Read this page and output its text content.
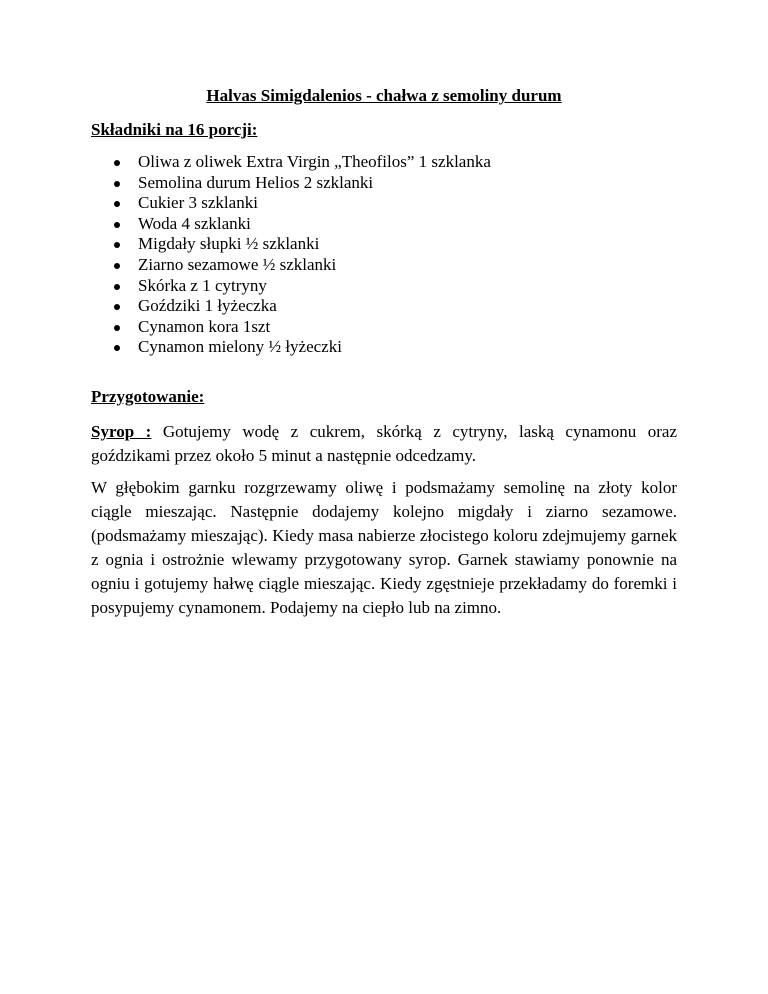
Halvas Simigdalenios - chałwa z semoliny durum
Składniki na 16 porcji:
Oliwa z oliwek Extra Virgin „Theofilos” 1 szklanka
Semolina durum Helios 2 szklanki
Cukier 3 szklanki
Woda 4 szklanki
Migdały słupki ½ szklanki
Ziarno sezamowe ½ szklanki
Skórka z 1 cytryny
Goździki 1 łyżeczka
Cynamon kora 1szt
Cynamon mielony ½ łyżeczki
Przygotowanie:

Syrop : Gotujemy wodę z cukrem, skórką z cytryny, laską cynamonu oraz goździkami przez około 5 minut a następnie odcedzamy.

W głębokim garnku rozgrzewamy oliwę i podsmażamy semolinę na złoty kolor ciągle mieszając. Następnie dodajemy kolejno migdały i ziarno sezamowe. (podsmażamy mieszając). Kiedy masa nabierze złocistego koloru zdejmujemy garnek z ognia i ostrożnie wlewamy przygotowany syrop. Garnek stawiamy ponownie na ogniu i gotujemy hałwę ciągle mieszając. Kiedy zgęstnieje przekładamy do foremki i posypujemy cynamonem. Podajemy na ciepło lub na zimno.
